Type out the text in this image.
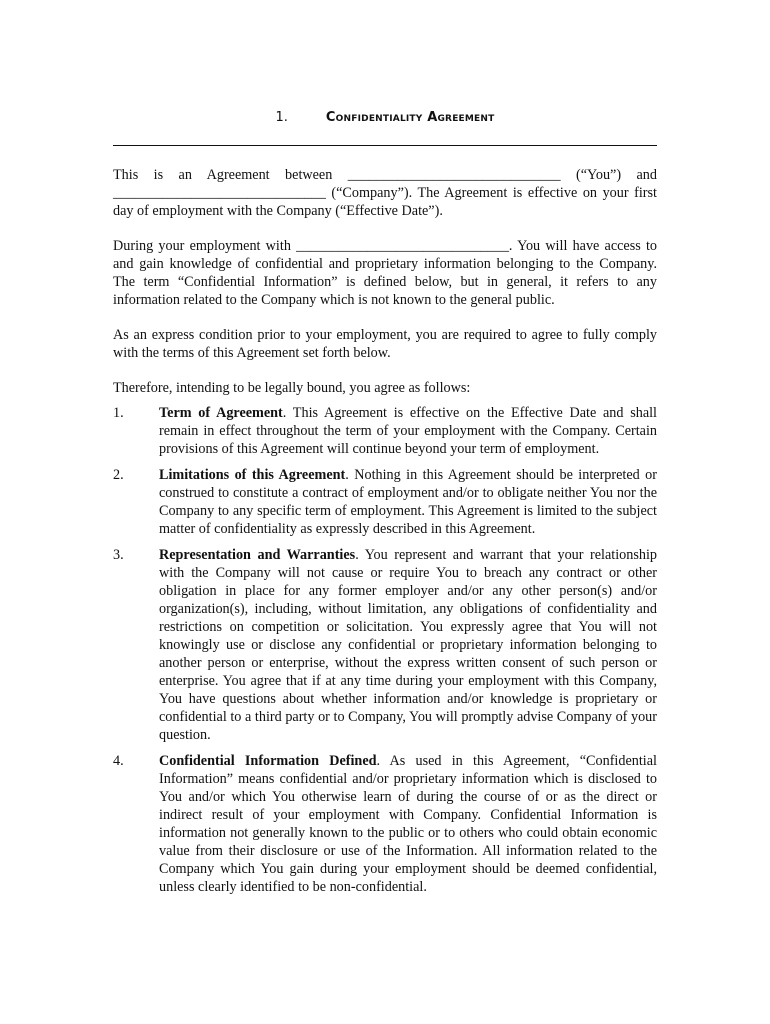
1.	Confidentiality Agreement

This is an Agreement between ______________________________ (“You”) and ______________________________ (“Company”). The Agreement is effective on your first day of employment with the Company (“Effective Date”).

During your employment with ______________________________. You will have access to and gain knowledge of confidential and proprietary information belonging to the Company. The term “Confidential Information” is defined below, but in general, it refers to any information related to the Company which is not known to the general public.

As an express condition prior to your employment, you are required to agree to fully comply with the terms of this Agreement set forth below.

Therefore, intending to be legally bound, you agree as follows:

1.	Term of Agreement. This Agreement is effective on the Effective Date and shall remain in effect throughout the term of your employment with the Company. Certain provisions of this Agreement will continue beyond your term of employment.
2.	Limitations of this Agreement. Nothing in this Agreement should be interpreted or construed to constitute a contract of employment and/or to obligate neither You nor the Company to any specific term of employment. This Agreement is limited to the subject matter of confidentiality as expressly described in this Agreement.
3.	Representation and Warranties. You represent and warrant that your relationship with the Company will not cause or require You to breach any contract or other obligation in place for any former employer and/or any other person(s) and/or organization(s), including, without limitation, any obligations of confidentiality and restrictions on competition or solicitation. You expressly agree that You will not knowingly use or disclose any confidential or proprietary information belonging to another person or enterprise, without the express written consent of such person or enterprise. You agree that if at any time during your employment with this Company, You have questions about whether information and/or knowledge is proprietary or confidential to a third party or to Company, You will promptly advise Company of your question.
4.	Confidential Information Defined. As used in this Agreement, “Confidential Information” means confidential and/or proprietary information which is disclosed to You and/or which You otherwise learn of during the course of or as the direct or indirect result of your employment with Company. Confidential Information is information not generally known to the public or to others who could obtain economic value from their disclosure or use of the Information. All information related to the Company which You gain during your employment should be deemed confidential, unless clearly identified to be non-confidential.
